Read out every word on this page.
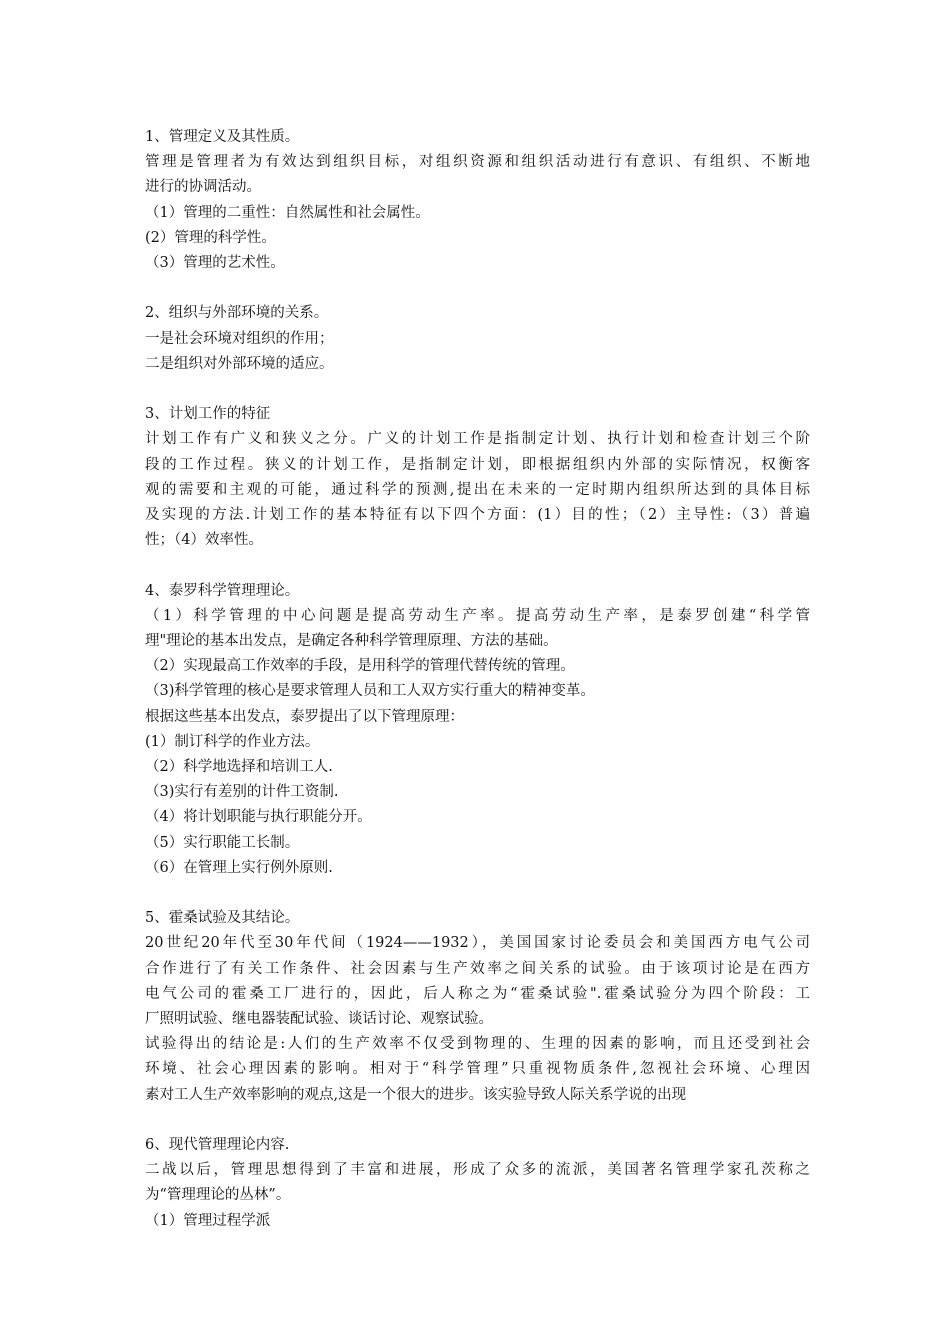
1、管理定义及其性质。
管理是管理者为有效达到组织目标，对组织资源和组织活动进行有意识、有组织、不断地
进行的协调活动。
（1）管理的二重性：自然属性和社会属性。
(2）管理的科学性。
（3）管理的艺术性。
2、组织与外部环境的关系。
一是社会环境对组织的作用；
二是组织对外部环境的适应。
3、计划工作的特征
计划工作有广义和狭义之分。广义的计划工作是指制定计划、执行计划和检查计划三个阶
段的工作过程。狭义的计划工作，是指制定计划，即根据组织内外部的实际情况，权衡客
观的需要和主观的可能，通过科学的预测,提出在未来的一定时期内组织所达到的具体目标
及实现的方法.计划工作的基本特征有以下四个方面：(1）目的性；（2）主导性:（3）普遍
性；（4）效率性。
4、泰罗科学管理理论。
（1）科学管理的中心问题是提高劳动生产率。提高劳动生产率，是泰罗创建“科学管
理"理论的基本出发点，是确定各种科学管理原理、方法的基础。
（2）实现最高工作效率的手段，是用科学的管理代替传统的管理。
（3)科学管理的核心是要求管理人员和工人双方实行重大的精神变革。
根据这些基本出发点，泰罗提出了以下管理原理：
(1）制订科学的作业方法。
（2）科学地选择和培训工人.
（3)实行有差别的计件工资制.
（4）将计划职能与执行职能分开。
（5）实行职能工长制。
（6）在管理上实行例外原则.
5、霍桑试验及其结论。
20世纪20年代至30年代间（1924——1932），美国国家讨论委员会和美国西方电气公司
合作进行了有关工作条件、社会因素与生产效率之间关系的试验。由于该项讨论是在西方
电气公司的霍桑工厂进行的，因此，后人称之为“霍桑试验".霍桑试验分为四个阶段：工
厂照明试验、继电器装配试验、谈话讨论、观察试验。
试验得出的结论是:人们的生产效率不仅受到物理的、生理的因素的影响，而且还受到社会
环境、社会心理因素的影响。相对于“科学管理”只重视物质条件,忽视社会环境、心理因
素对工人生产效率影响的观点,这是一个很大的进步。该实验导致人际关系学说的出现
6、现代管理理论内容.
二战以后，管理思想得到了丰富和进展，形成了众多的流派，美国著名管理学家孔茨称之
为“管理理论的丛林”。
（1）管理过程学派
